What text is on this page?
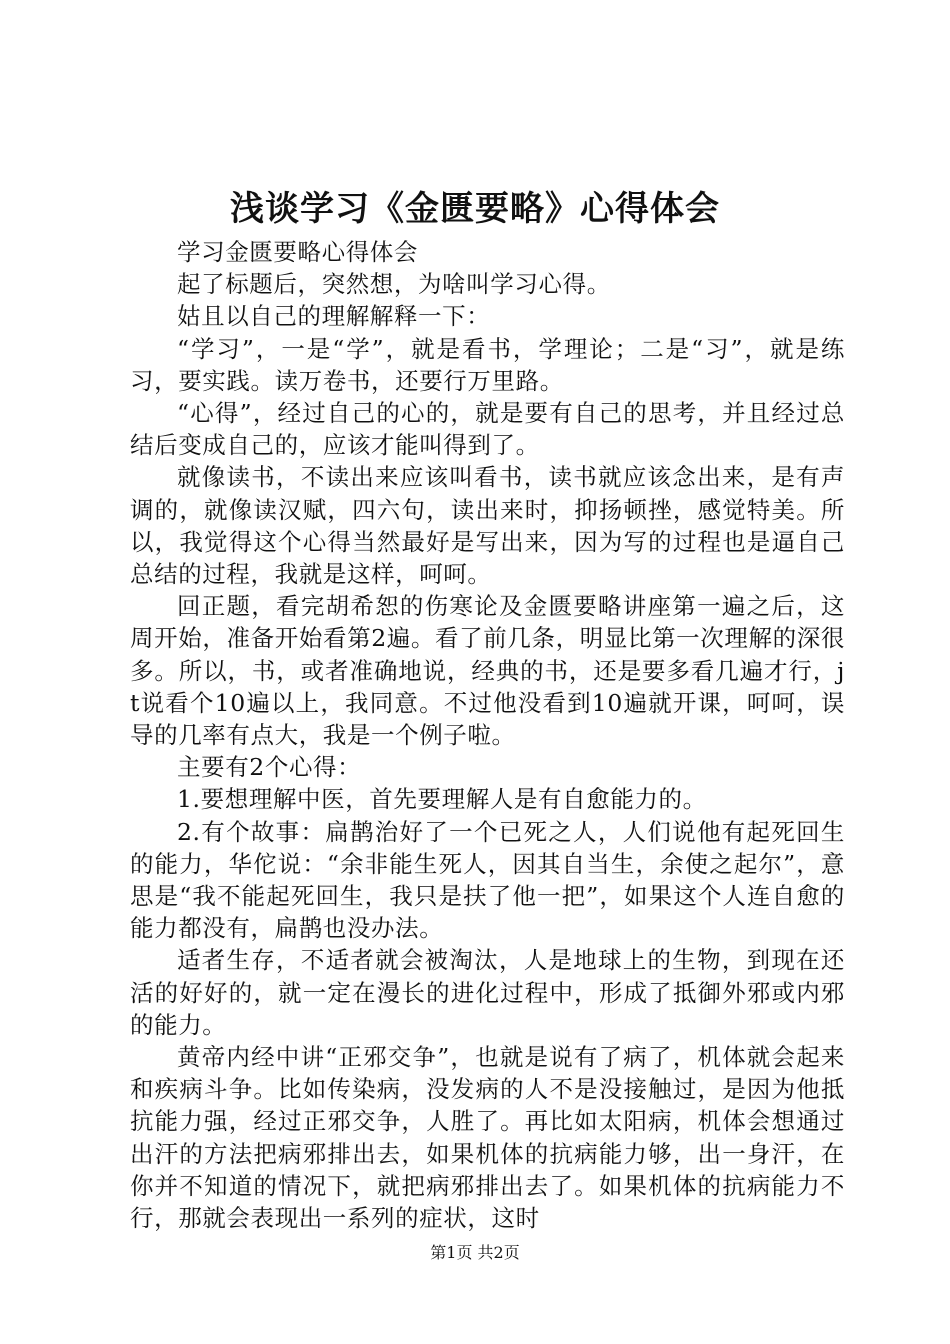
浅谈学习《金匮要略》心得体会

学习金匮要略心得体会

起了标题后，突然想，为啥叫学习心得。

姑且以自己的理解解释一下：

“学习”，一是“学”，就是看书，学理论；二是“习”，就是练习，要实践。读万卷书，还要行万里路。

“心得”，经过自己的心的，就是要有自己的思考，并且经过总结后变成自己的，应该才能叫得到了。

就像读书，不读出来应该叫看书，读书就应该念出来，是有声调的，就像读汉赋，四六句，读出来时，抑扬顿挫，感觉特美。所以，我觉得这个心得当然最好是写出来，因为写的过程也是逼自己总结的过程，我就是这样，呵呵。

回正题，看完胡希恕的伤寒论及金匮要略讲座第一遍之后，这周开始，准备开始看第2遍。看了前几条，明显比第一次理解的深很多。所以，书，或者准确地说，经典的书，还是要多看几遍才行，jt说看个10遍以上，我同意。不过他没看到10遍就开课，呵呵，误导的几率有点大，我是一个例子啦。

主要有2个心得：

1.要想理解中医，首先要理解人是有自愈能力的。

2.有个故事：扁鹊治好了一个已死之人，人们说他有起死回生的能力，华佗说：“余非能生死人，因其自当生，余使之起尔”，意思是“我不能起死回生，我只是扶了他一把”，如果这个人连自愈的能力都没有，扁鹊也没办法。

适者生存，不适者就会被淘汰，人是地球上的生物，到现在还活的好好的，就一定在漫长的进化过程中，形成了抵御外邪或内邪的能力。

黄帝内经中讲“正邪交争”，也就是说有了病了，机体就会起来和疾病斗争。比如传染病，没发病的人不是没接触过，是因为他抵抗能力强，经过正邪交争，人胜了。再比如太阳病，机体会想通过出汗的方法把病邪排出去，如果机体的抗病能力够，出一身汗，在你并不知道的情况下，就把病邪排出去了。如果机体的抗病能力不行，那就会表现出一系列的症状，这时

第1页 共2页
